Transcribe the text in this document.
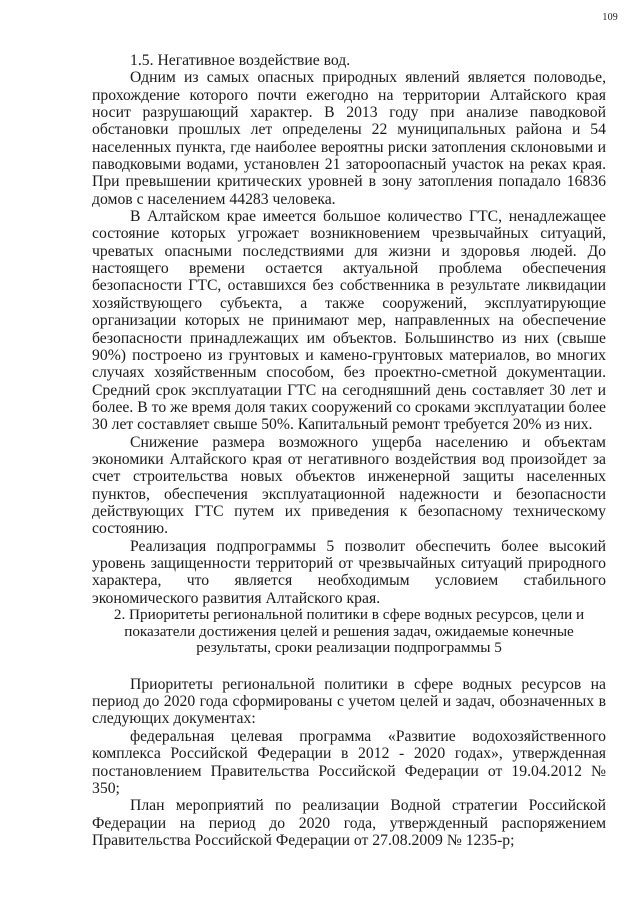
109

1.5. Негативное воздействие вод.

Одним из самых опасных природных явлений является половодье, прохождение которого почти ежегодно на территории Алтайского края носит разрушающий характер. В 2013 году при анализе паводковой обстановки прошлых лет определены 22 муниципальных района и 54 населенных пункта, где наиболее вероятны риски затопления склоновыми и паводковыми водами, установлен 21 затороопасный участок на реках края. При превышении критических уровней в зону затопления попадало 16836 домов с населением 44283 человека.

В Алтайском крае имеется большое количество ГТС, ненадлежащее состояние которых угрожает возникновением чрезвычайных ситуаций, чреватых опасными последствиями для жизни и здоровья людей. До настоящего времени остается актуальной проблема обеспечения безопасности ГТС, оставшихся без собственника в результате ликвидации хозяйствующего субъекта, а также сооружений, эксплуатирующие организации которых не принимают мер, направленных на обеспечение безопасности принадлежащих им объектов. Большинство из них (свыше 90%) построено из грунтовых и камено-грунтовых материалов, во многих случаях хозяйственным способом, без проектно-сметной документации. Средний срок эксплуатации ГТС на сегодняшний день составляет 30 лет и более. В то же время доля таких сооружений со сроками эксплуатации более 30 лет составляет свыше 50%. Капитальный ремонт требуется 20% из них.

Снижение размера возможного ущерба населению и объектам экономики Алтайского края от негативного воздействия вод произойдет за счет строительства новых объектов инженерной защиты населенных пунктов, обеспечения эксплуатационной надежности и безопасности действующих ГТС путем их приведения к безопасному техническому состоянию.

Реализация подпрограммы 5 позволит обеспечить более высокий уровень защищенности территорий от чрезвычайных ситуаций природного характера, что является необходимым условием стабильного экономического развития Алтайского края.

2. Приоритеты региональной политики в сфере водных ресурсов, цели и показатели достижения целей и решения задач, ожидаемые конечные результаты, сроки реализации подпрограммы 5

Приоритеты региональной политики в сфере водных ресурсов на период до 2020 года сформированы с учетом целей и задач, обозначенных в следующих документах:

федеральная целевая программа «Развитие водохозяйственного комплекса Российской Федерации в 2012 - 2020 годах», утвержденная постановлением Правительства Российской Федерации от 19.04.2012 № 350;

План мероприятий по реализации Водной стратегии Российской Федерации на период до 2020 года, утвержденный распоряжением Правительства Российской Федерации от 27.08.2009 № 1235-р;
